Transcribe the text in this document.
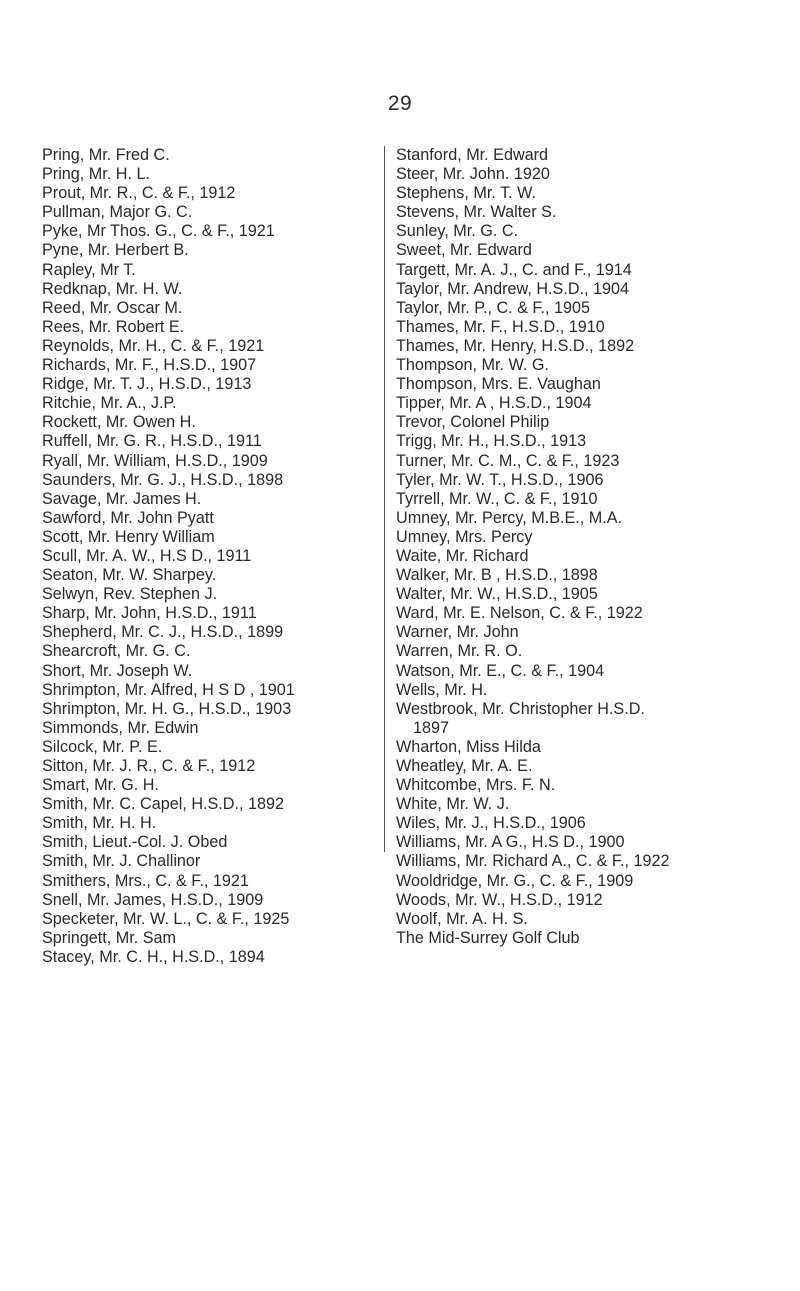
29
Pring, Mr. Fred C.
Pring, Mr. H. L.
Prout, Mr. R., C. & F., 1912
Pullman, Major G. C.
Pyke, Mr Thos. G., C. & F., 1921
Pyne, Mr. Herbert B.
Rapley, Mr T.
Redknap, Mr. H. W.
Reed, Mr. Oscar M.
Rees, Mr. Robert E.
Reynolds, Mr. H., C. & F., 1921
Richards, Mr. F., H.S.D., 1907
Ridge, Mr. T. J., H.S.D., 1913
Ritchie, Mr. A., J.P.
Rockett, Mr. Owen H.
Ruffell, Mr. G. R., H.S.D., 1911
Ryall, Mr. William, H.S.D., 1909
Saunders, Mr. G. J., H.S.D., 1898
Savage, Mr. James H.
Sawford, Mr. John Pyatt
Scott, Mr. Henry William
Scull, Mr. A. W., H.S D., 1911
Seaton, Mr. W. Sharpey.
Selwyn, Rev. Stephen J.
Sharp, Mr. John, H.S.D., 1911
Shepherd, Mr. C. J., H.S.D., 1899
Shearcroft, Mr. G. C.
Short, Mr. Joseph W.
Shrimpton, Mr. Alfred, H S D , 1901
Shrimpton, Mr. H. G., H.S.D., 1903
Simmonds, Mr. Edwin
Silcock, Mr. P. E.
Sitton, Mr. J. R., C. & F., 1912
Smart, Mr. G. H.
Smith, Mr. C. Capel, H.S.D., 1892
Smith, Mr. H. H.
Smith, Lieut.-Col. J. Obed
Smith, Mr. J. Challinor
Smithers, Mrs., C. & F., 1921
Snell, Mr. James, H.S.D., 1909
Specketer, Mr. W. L., C. & F., 1925
Springett, Mr. Sam
Stacey, Mr. C. H., H.S.D., 1894
Stanford, Mr. Edward
Steer, Mr. John. 1920
Stephens, Mr. T. W.
Stevens, Mr. Walter S.
Sunley, Mr. G. C.
Sweet, Mr. Edward
Targett, Mr. A. J., C. and F., 1914
Taylor, Mr. Andrew, H.S.D., 1904
Taylor, Mr. P., C. & F., 1905
Thames, Mr. F., H.S.D., 1910
Thames, Mr. Henry, H.S.D., 1892
Thompson, Mr. W. G.
Thompson, Mrs. E. Vaughan
Tipper, Mr. A , H.S.D., 1904
Trevor, Colonel Philip
Trigg, Mr. H., H.S.D., 1913
Turner, Mr. C. M., C. & F., 1923
Tyler, Mr. W. T., H.S.D., 1906
Tyrrell, Mr. W., C. & F., 1910
Umney, Mr. Percy, M.B.E., M.A.
Umney, Mrs. Percy
Waite, Mr. Richard
Walker, Mr. B , H.S.D., 1898
Walter, Mr. W., H.S.D., 1905
Ward, Mr. E. Nelson, C. & F., 1922
Warner, Mr. John
Warren, Mr. R. O.
Watson, Mr. E., C. & F., 1904
Wells, Mr. H.
Westbrook, Mr. Christopher H.S.D.
1897
Wharton, Miss Hilda
Wheatley, Mr. A. E.
Whitcombe, Mrs. F. N.
White, Mr. W. J.
Wiles, Mr. J., H.S.D., 1906
Williams, Mr. A G., H.S D., 1900
Williams, Mr. Richard A., C. & F., 1922
Wooldridge, Mr. G., C. & F., 1909
Woods, Mr. W., H.S.D., 1912
Woolf, Mr. A. H. S.
The Mid-Surrey Golf Club
